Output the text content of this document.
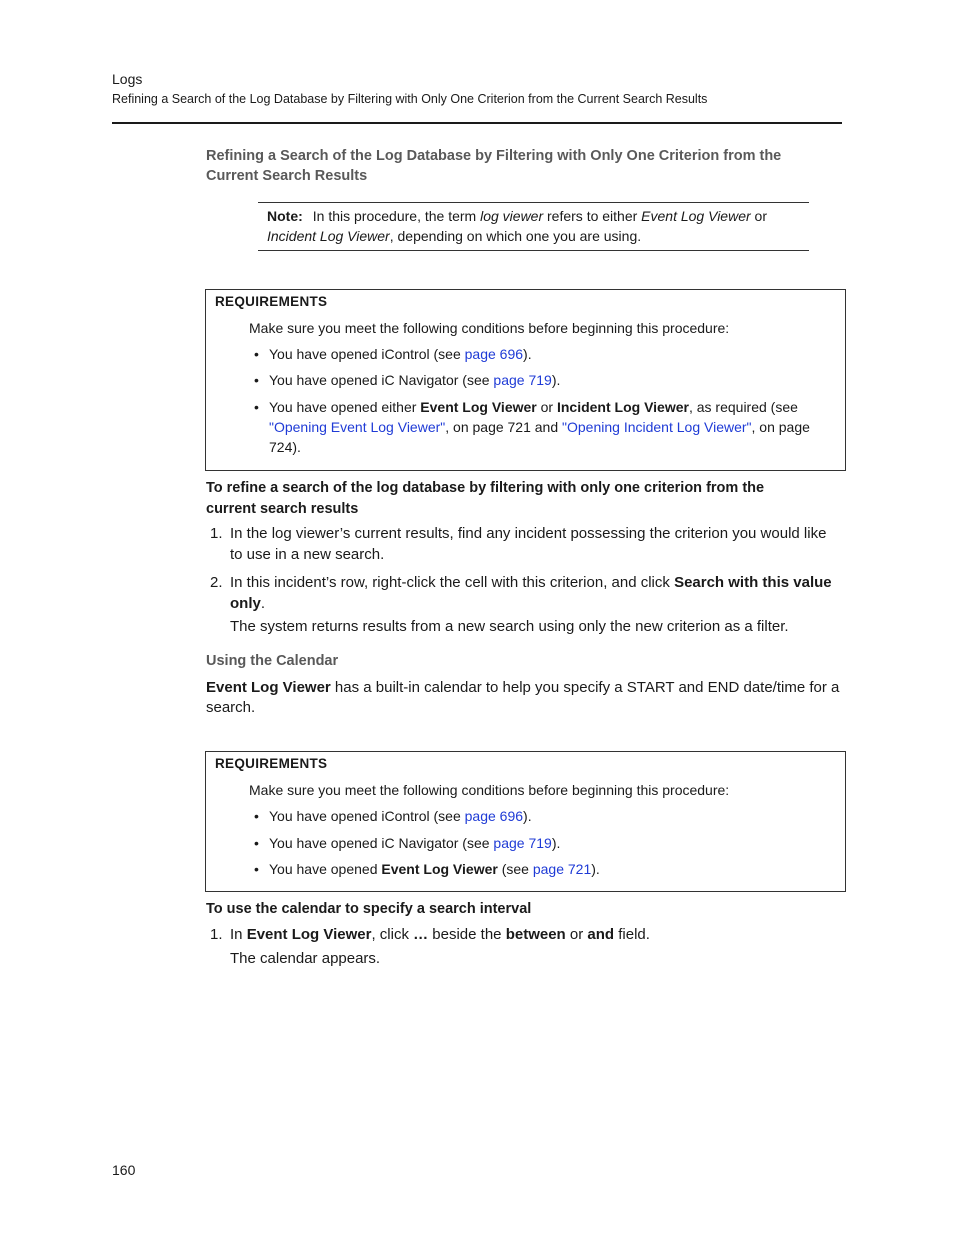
Logs
Refining a Search of the Log Database by Filtering with Only One Criterion from the Current Search Results
Refining a Search of the Log Database by Filtering with Only One Criterion from the Current Search Results
Note: In this procedure, the term log viewer refers to either Event Log Viewer or Incident Log Viewer, depending on which one you are using.
REQUIREMENTS
Make sure you meet the following conditions before beginning this procedure:
• You have opened iControl (see page 696).
• You have opened iC Navigator (see page 719).
• You have opened either Event Log Viewer or Incident Log Viewer, as required (see "Opening Event Log Viewer", on page 721 and "Opening Incident Log Viewer", on page 724).
To refine a search of the log database by filtering with only one criterion from the current search results
1. In the log viewer’s current results, find any incident possessing the criterion you would like to use in a new search.
2. In this incident’s row, right-click the cell with this criterion, and click Search with this value only.
The system returns results from a new search using only the new criterion as a filter.
Using the Calendar
Event Log Viewer has a built-in calendar to help you specify a START and END date/time for a search.
REQUIREMENTS
Make sure you meet the following conditions before beginning this procedure:
• You have opened iControl (see page 696).
• You have opened iC Navigator (see page 719).
• You have opened Event Log Viewer (see page 721).
To use the calendar to specify a search interval
1. In Event Log Viewer, click … beside the between or and field.
The calendar appears.
160
